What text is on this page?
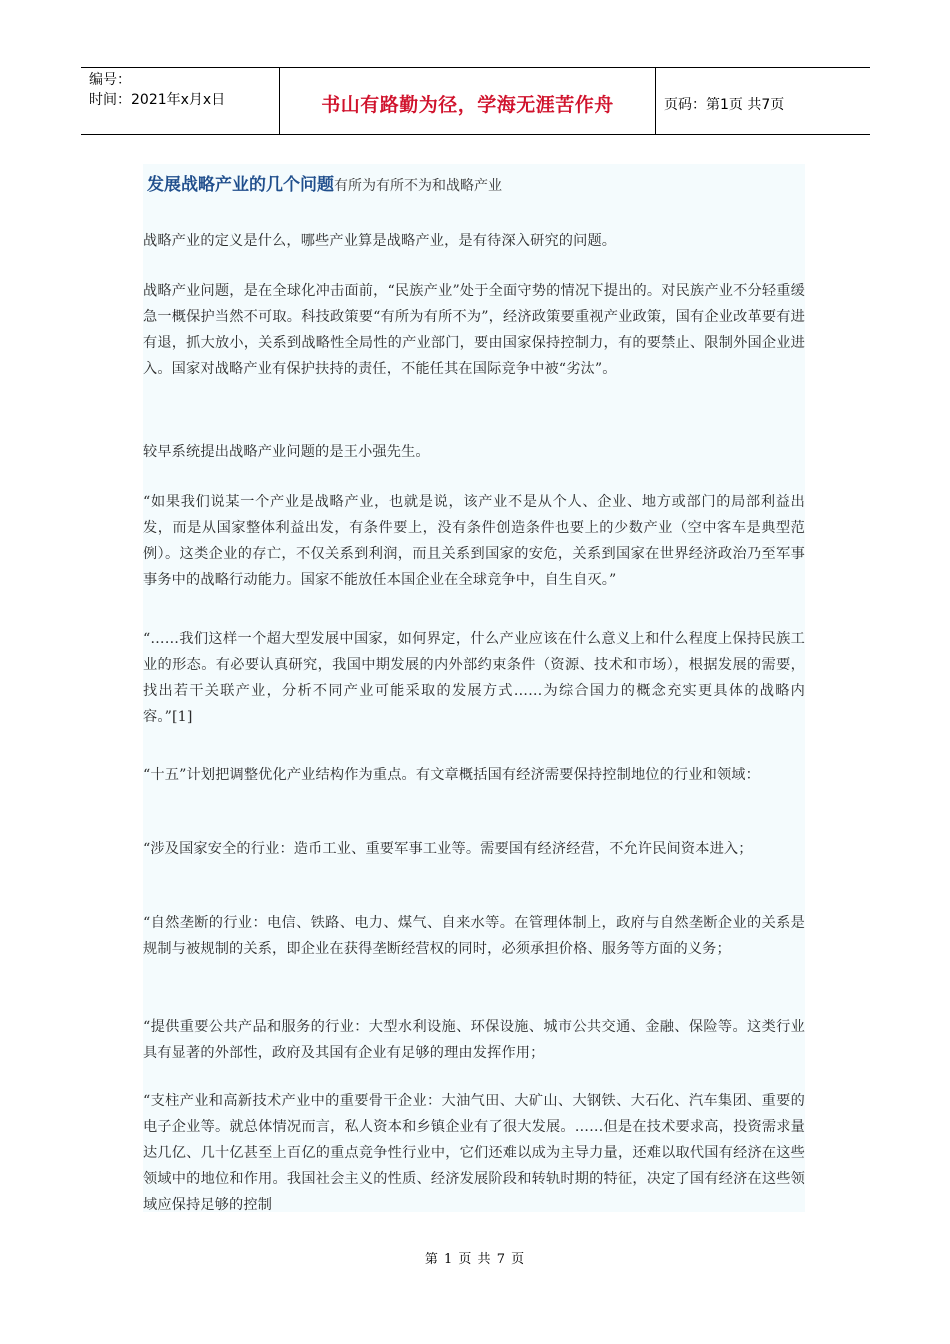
编号：
时间：2021年x月x日	书山有路勤为径，学海无涯苦作舟	页码：第1页 共7页
发展战略产业的几个问题有所为有所不为和战略产业

战略产业的定义是什么，哪些产业算是战略产业，是有待深入研究的问题。

战略产业问题，是在全球化冲击面前，“民族产业”处于全面守势的情况下提出的。对民族产业不分轻重缓急一概保护当然不可取。科技政策要“有所为有所不为”，经济政策要重视产业政策，国有企业改革要有进有退，抓大放小，关系到战略性全局性的产业部门，要由国家保持控制力，有的要禁止、限制外国企业进入。国家对战略产业有保护扶持的责任，不能任其在国际竞争中被“劣汰”。

较早系统提出战略产业问题的是王小强先生。

“如果我们说某一个产业是战略产业，也就是说，该产业不是从个人、企业、地方或部门的局部利益出发，而是从国家整体利益出发，有条件要上，没有条件创造条件也要上的少数产业（空中客车是典型范例）。这类企业的存亡，不仅关系到利润，而且关系到国家的安危，关系到国家在世界经济政治乃至军事事务中的战略行动能力。国家不能放任本国企业在全球竞争中，自生自灭。”

“……我们这样一个超大型发展中国家，如何界定，什么产业应该在什么意义上和什么程度上保持民族工业的形态。有必要认真研究，我国中期发展的内外部约束条件（资源、技术和市场），根据发展的需要，找出若干关联产业，分析不同产业可能采取的发展方式……为综合国力的概念充实更具体的战略内容。”[1]

“十五”计划把调整优化产业结构作为重点。有文章概括国有经济需要保持控制地位的行业和领域：

“涉及国家安全的行业：造币工业、重要军事工业等。需要国有经济经营，不允许民间资本进入；

“自然垄断的行业：电信、铁路、电力、煤气、自来水等。在管理体制上，政府与自然垄断企业的关系是规制与被规制的关系，即企业在获得垄断经营权的同时，必须承担价格、服务等方面的义务；

“提供重要公共产品和服务的行业：大型水利设施、环保设施、城市公共交通、金融、保险等。这类行业具有显著的外部性，政府及其国有企业有足够的理由发挥作用；

“支柱产业和高新技术产业中的重要骨干企业：大油气田、大矿山、大钢铁、大石化、汽车集团、重要的电子企业等。就总体情况而言，私人资本和乡镇企业有了很大发展。……但是在技术要求高，投资需求量达几亿、几十亿甚至上百亿的重点竞争性行业中，它们还难以成为主导力量，还难以取代国有经济在这些领域中的地位和作用。我国社会主义的性质、经济发展阶段和转轨时期的特征，决定了国有经济在这些领域应保持足够的控制

第 1 页 共 7 页
